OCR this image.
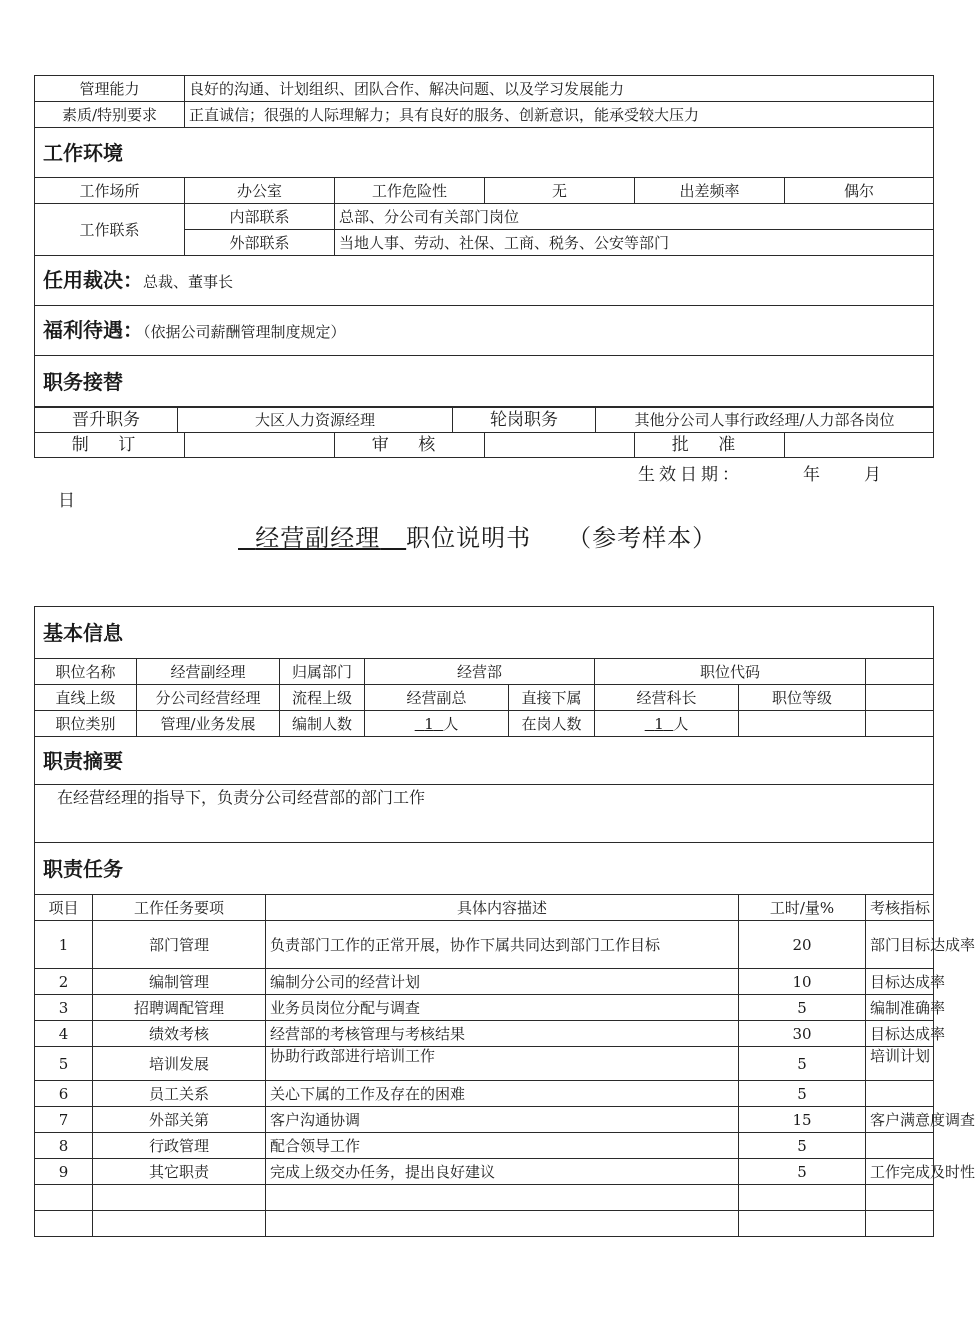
管理能力	良好的沟通、计划组织、团队合作、解决问题、以及学习发展能力				
素质/特别要求	正直诚信；很强的人际理解力；具有良好的服务、创新意识，能承受较大压力				
工作环境					
工作场所	办公室	工作危险性	无	出差频率	偶尔
工作联系	内部联系	总部、分公司有关部门岗位			
	外部联系	当地人事、劳动、社保、工商、税务、公安等部门			
任用裁决：总裁、董事长					
福利待遇：（依据公司薪酬管理制度规定）					
职务接替					
晋升职务	大区人力资源经理	轮岗职务	其他分公司人事行政经理/人力部各岗位
制 订		审 核		批 准	
生效日期：	年 月
日
经营副经理 职位说明书 （参考样本）
基本信息									
职位名称		经营副经理		归属部门	经营部		职位代码		
直线上级		分公司经营经理		流程上级	经营副总	直接下属	经营科长	职位等级	
职位类别		管理/业务发展		编制人数	1 人	在岗人数	1 人		
职责摘要									
在经营经理的指导下，负责分公司经营部的部门工作									
职责任务									
项目	工作任务要项		具体内容描述					工时/量%	考核指标
1	部门管理		负责部门工作的正常开展，协作下属共同达到部门工作目标					20	部门目标达成率
2	编制管理		编制分公司的经营计划					10	目标达成率
3	招聘调配管理		业务员岗位分配与调查					5	编制准确率
4	绩效考核		经营部的考核管理与考核结果					30	目标达成率
5	培训发展		协助行政部进行培训工作					5	培训计划
6	员工关系		关心下属的工作及存在的困难					5	
7	外部关第		客户沟通协调					15	客户满意度调查
8	行政管理		配合领导工作					5	
9	其它职责		完成上级交办任务，提出良好建议					5	工作完成及时性
